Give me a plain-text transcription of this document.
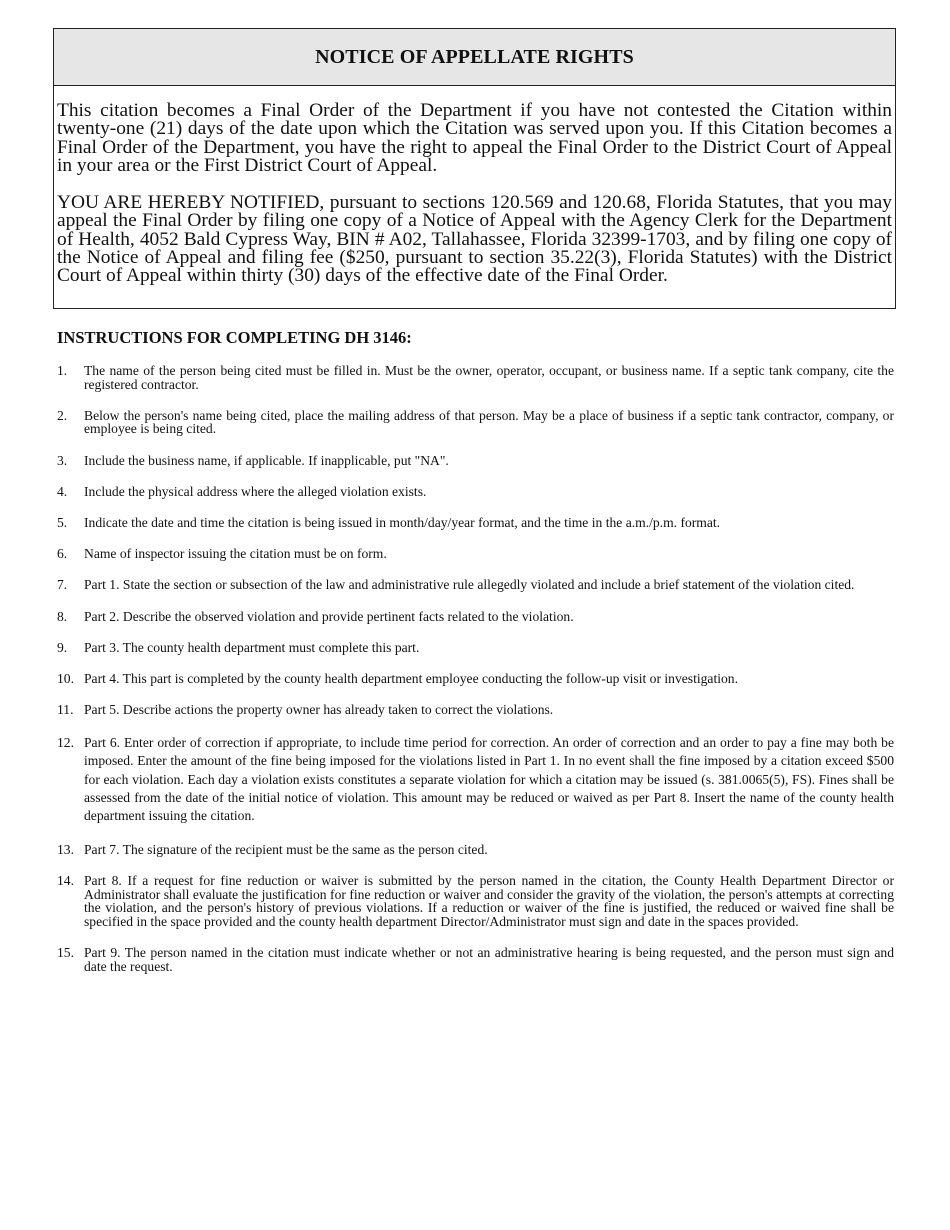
NOTICE OF APPELLATE RIGHTS

This citation becomes a Final Order of the Department if you have not contested the Citation within twenty-one (21) days of the date upon which the Citation was served upon you. If this Citation becomes a Final Order of the Department, you have the right to appeal the Final Order to the District Court of Appeal in your area or the First District Court of Appeal.

YOU ARE HEREBY NOTIFIED, pursuant to sections 120.569 and 120.68, Florida Statutes, that you may appeal the Final Order by filing one copy of a Notice of Appeal with the Agency Clerk for the Department of Health, 4052 Bald Cypress Way, BIN # A02, Tallahassee, Florida 32399-1703, and by filing one copy of the Notice of Appeal and filing fee ($250, pursuant to section 35.22(3), Florida Statutes) with the District Court of Appeal within thirty (30) days of the effective date of the Final Order.

INSTRUCTIONS FOR COMPLETING DH 3146:
1. The name of the person being cited must be filled in. Must be the owner, operator, occupant, or business name. If a septic tank company, cite the registered contractor.
2. Below the person's name being cited, place the mailing address of that person. May be a place of business if a septic tank contractor, company, or employee is being cited.
3. Include the business name, if applicable. If inapplicable, put "NA".
4. Include the physical address where the alleged violation exists.
5. Indicate the date and time the citation is being issued in month/day/year format, and the time in the a.m./p.m. format.
6. Name of inspector issuing the citation must be on form.
7. Part 1. State the section or subsection of the law and administrative rule allegedly violated and include a brief statement of the violation cited.
8. Part 2. Describe the observed violation and provide pertinent facts related to the violation.
9. Part 3. The county health department must complete this part.
10. Part 4. This part is completed by the county health department employee conducting the follow-up visit or investigation.
11. Part 5. Describe actions the property owner has already taken to correct the violations.
12. Part 6. Enter order of correction if appropriate, to include time period for correction. An order of correction and an order to pay a fine may both be imposed. Enter the amount of the fine being imposed for the violations listed in Part 1. In no event shall the fine imposed by a citation exceed $500 for each violation. Each day a violation exists constitutes a separate violation for which a citation may be issued (s. 381.0065(5), FS). Fines shall be assessed from the date of the initial notice of violation. This amount may be reduced or waived as per Part 8. Insert the name of the county health department issuing the citation.
13. Part 7. The signature of the recipient must be the same as the person cited.
14. Part 8. If a request for fine reduction or waiver is submitted by the person named in the citation, the County Health Department Director or Administrator shall evaluate the justification for fine reduction or waiver and consider the gravity of the violation, the person's attempts at correcting the violation, and the person's history of previous violations. If a reduction or waiver of the fine is justified, the reduced or waived fine shall be specified in the space provided and the county health department Director/Administrator must sign and date in the spaces provided.
15. Part 9. The person named in the citation must indicate whether or not an administrative hearing is being requested, and the person must sign and date the request.
